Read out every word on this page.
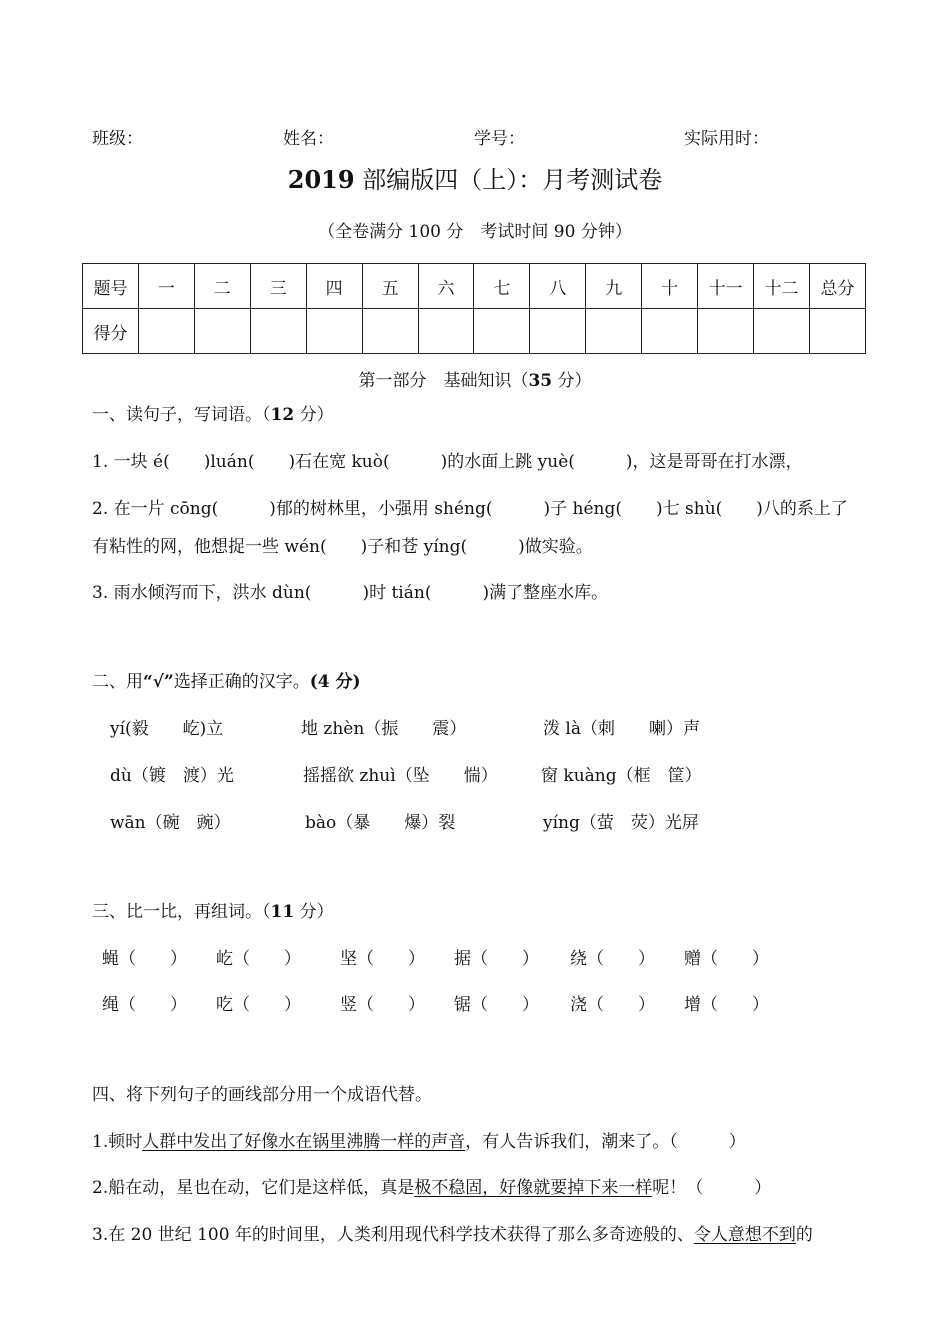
班级：	姓名：	学号：	实际用时：
2019 部编版四（上）：月考测试卷
（全卷满分 100 分　考试时间 90 分钟）
题号	一	二	三	四	五	六	七	八	九	十	十一	十二	总分
得分													
第一部分　基础知识（35 分）
一、读句子，写词语。（12 分）
1. 一块 é(　　)luán(　　)石在宽 kuò(　　　)的水面上跳 yuè(　　　)，这是哥哥在打水漂，
2. 在一片 cōng(　　　)郁的树林里，小强用 shéng(　　　)子 héng(　　)七 shù(　　)八的系上了
有粘性的网，他想捉一些 wén(　　)子和苍 yíng(　　　)做实验。
3. 雨水倾泻而下，洪水 dùn(　　　)时 tián(　　　)满了整座水库。
二、用“√”选择正确的汉字。(4 分)
yí(毅　　屹)立	地 zhèn（振　　震）	泼 là（刺　　喇）声
dù（镀　渡）光	摇摇欲 zhuì（坠　　惴）	窗 kuàng（框　筐）
wān（碗　豌）	bào（暴　　爆）裂	yíng（萤　荧）光屏
三、比一比，再组词。（11 分）
蝇（　　） 屹（　　） 坚（　　） 据（　　） 绕（　　） 赠（　　）
绳（　　） 吃（　　） 竖（　　） 锯（　　） 浇（　　） 增（　　）
四、将下列句子的画线部分用一个成语代替。
1.顿时人群中发出了好像水在锅里沸腾一样的声音，有人告诉我们，潮来了。（　　　）
2.船在动，星也在动，它们是这样低，真是极不稳固，好像就要掉下来一样呢！（　　　）
3.在 20 世纪 100 年的时间里，人类利用现代科学技术获得了那么多奇迹般的、令人意想不到的
